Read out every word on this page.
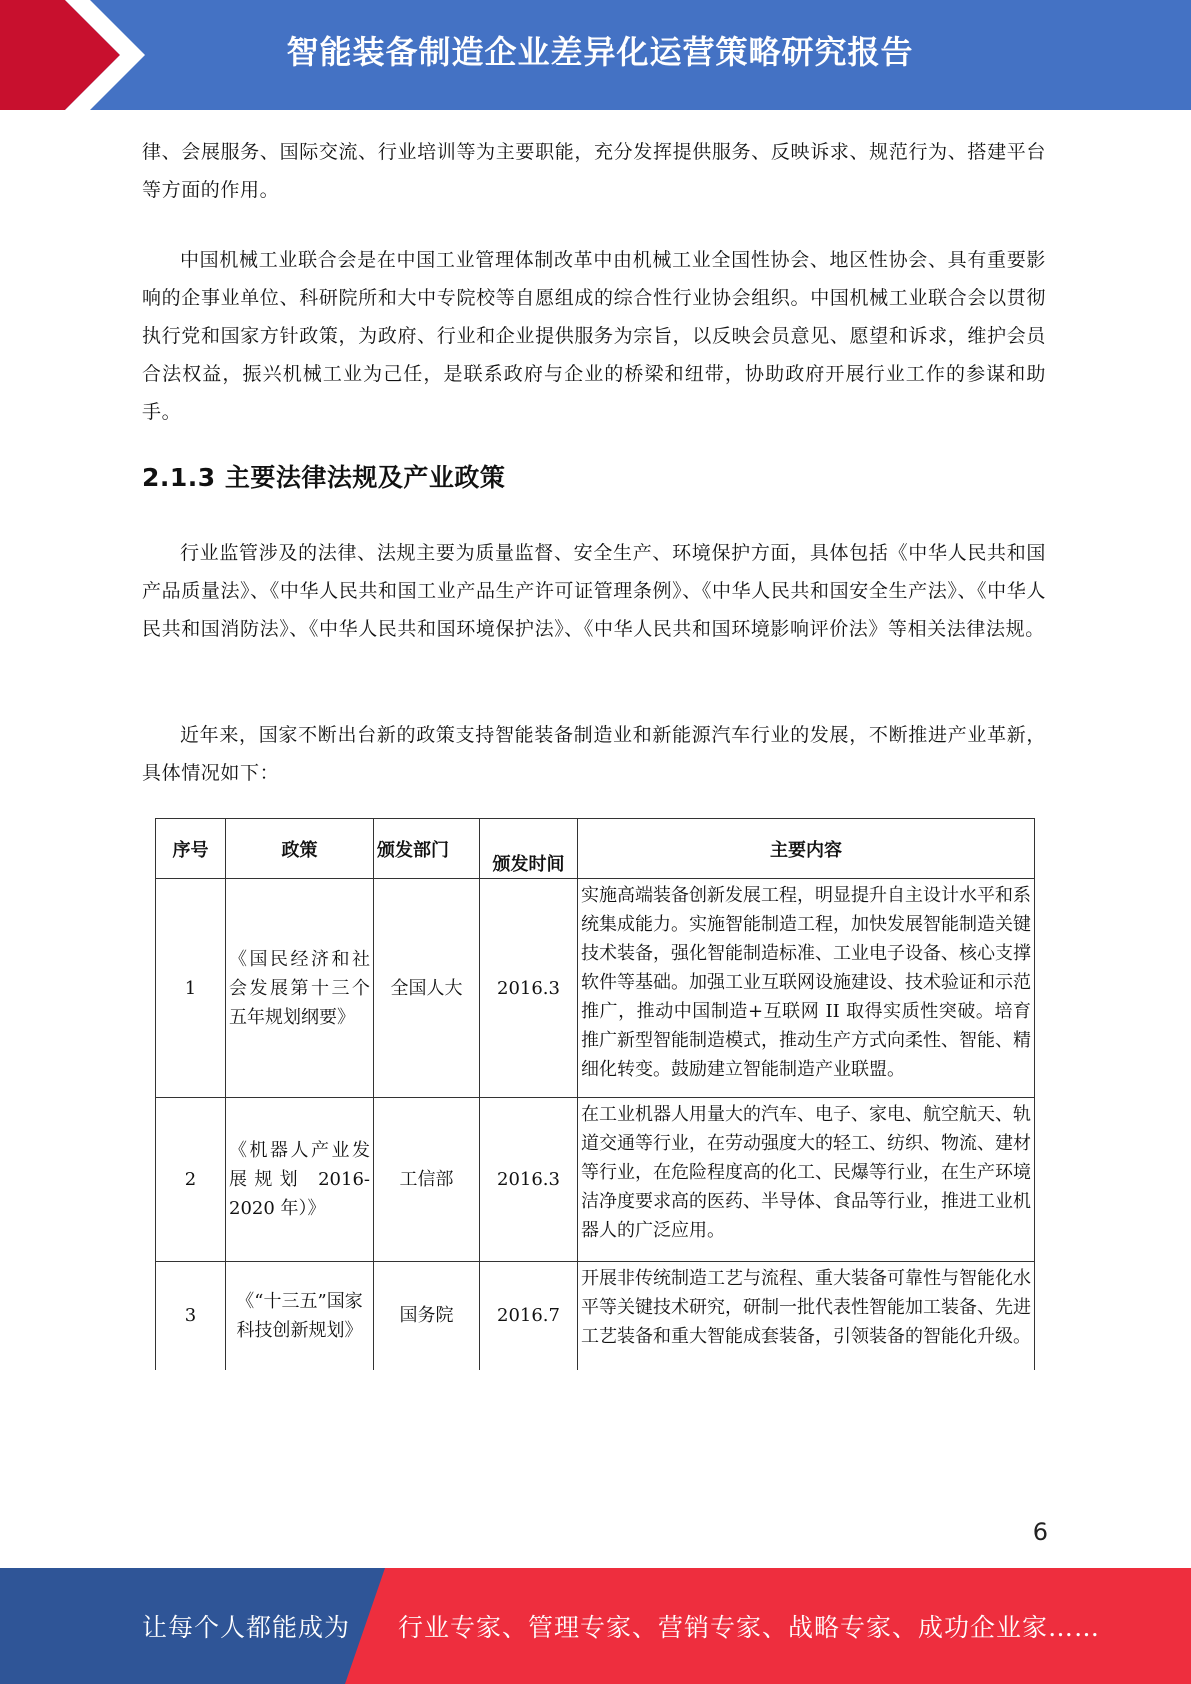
智能装备制造企业差异化运营策略研究报告

律、会展服务、国际交流、行业培训等为主要职能，充分发挥提供服务、反映诉求、规范行为、搭建平台等方面的作用。

中国机械工业联合会是在中国工业管理体制改革中由机械工业全国性协会、地区性协会、具有重要影响的企事业单位、科研院所和大中专院校等自愿组成的综合性行业协会组织。中国机械工业联合会以贯彻执行党和国家方针政策，为政府、行业和企业提供服务为宗旨，以反映会员意见、愿望和诉求，维护会员合法权益，振兴机械工业为己任，是联系政府与企业的桥梁和纽带，协助政府开展行业工作的参谋和助手。

2.1.3 主要法律法规及产业政策

行业监管涉及的法律、法规主要为质量监督、安全生产、环境保护方面，具体包括《中华人民共和国产品质量法》、《中华人民共和国工业产品生产许可证管理条例》、《中华人民共和国安全生产法》、《中华人民共和国消防法》、《中华人民共和国环境保护法》、《中华人民共和国环境影响评价法》等相关法律法规。

近年来，国家不断出台新的政策支持智能装备制造业和新能源汽车行业的发展，不断推进产业革新，具体情况如下：

序号	政策	颁发部门	颁发时间	主要内容
1	《国民经济和社会发展第十三个五年规划纲要》	全国人大	2016.3	实施高端装备创新发展工程，明显提升自主设计水平和系统集成能力。实施智能制造工程，加快发展智能制造关键技术装备，强化智能制造标准、工业电子设备、核心支撑软件等基础。加强工业互联网设施建设、技术验证和示范推广，推动中国制造+互联网 II 取得实质性突破。培育推广新型智能制造模式，推动生产方式向柔性、智能、精细化转变。鼓励建立智能制造产业联盟。
2	《机器人产业发展规划 2016-2020 年）》	工信部	2016.3	在工业机器人用量大的汽车、电子、家电、航空航天、轨道交通等行业，在劳动强度大的轻工、纺织、物流、建材等行业，在危险程度高的化工、民爆等行业，在生产环境洁净度要求高的医药、半导体、食品等行业，推进工业机器人的广泛应用。
3	《“十三五”国家科技创新规划》	国务院	2016.7	开展非传统制造工艺与流程、重大装备可靠性与智能化水平等关键技术研究，研制一批代表性智能加工装备、先进工艺装备和重大智能成套装备，引领装备的智能化升级。
6
让每个人都能成为 行业专家、管理专家、营销专家、战略专家、成功企业家……
